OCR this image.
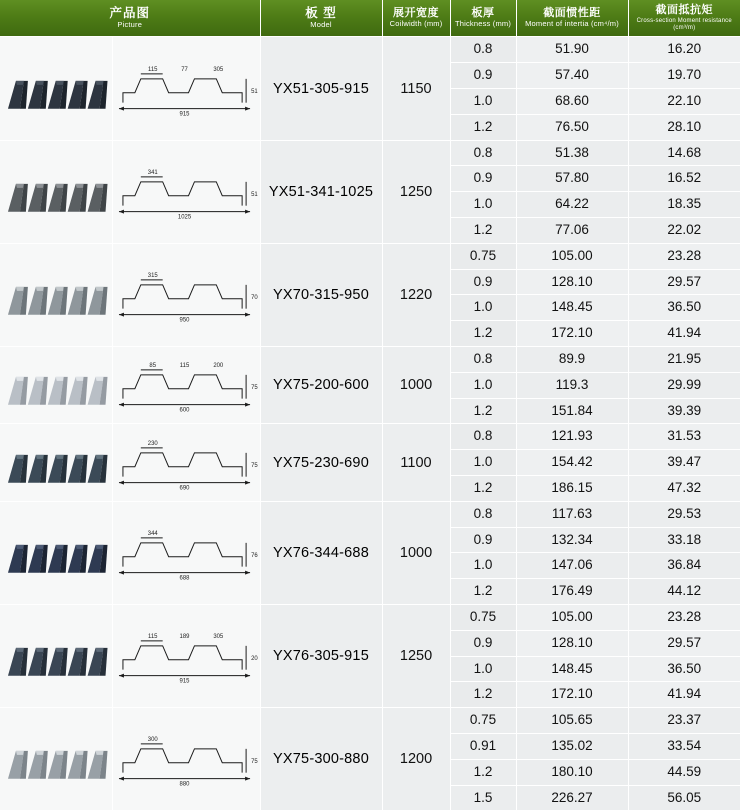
产品图
Picture		板 型
Model	展开宽度
Coilwidth (mm)	板厚
Thickness (mm)	截面惯性距
Moment of intertia (cm⁴/m)	截面抵抗矩
Cross-section Moment resistance (cm³/m)

115 77 305
915
51	YX51-305-915	1150	0.8	51.90	16.20
				0.9	57.40	19.70
				1.0	68.60	22.10
				1.2	76.50	28.10

341
1025
51	YX51-341-1025	1250	0.8	51.38	14.68
				0.9	57.80	16.52
				1.0	64.22	18.35
				1.2	77.06	22.02

315
950
70	YX70-315-950	1220	0.75	105.00	23.28
				0.9	128.10	29.57
				1.0	148.45	36.50
				1.2	172.10	41.94

85 115 200
600
75	YX75-200-600	1000	0.8	89.9	21.95
				1.0	119.3	29.99
				1.2	151.84	39.39

230
690
75	YX75-230-690	1100	0.8	121.93	31.53
				1.0	154.42	39.47
				1.2	186.15	47.32

344
688
76	YX76-344-688	1000	0.8	117.63	29.53
				0.9	132.34	33.18
				1.0	147.06	36.84
				1.2	176.49	44.12

115 189 305
915
20	YX76-305-915	1250	0.75	105.00	23.28
				0.9	128.10	29.57
				1.0	148.45	36.50
				1.2	172.10	41.94

300
880
75	YX75-300-880	1200	0.75	105.65	23.37
				0.91	135.02	33.54
				1.2	180.10	44.59
				1.5	226.27	56.05
